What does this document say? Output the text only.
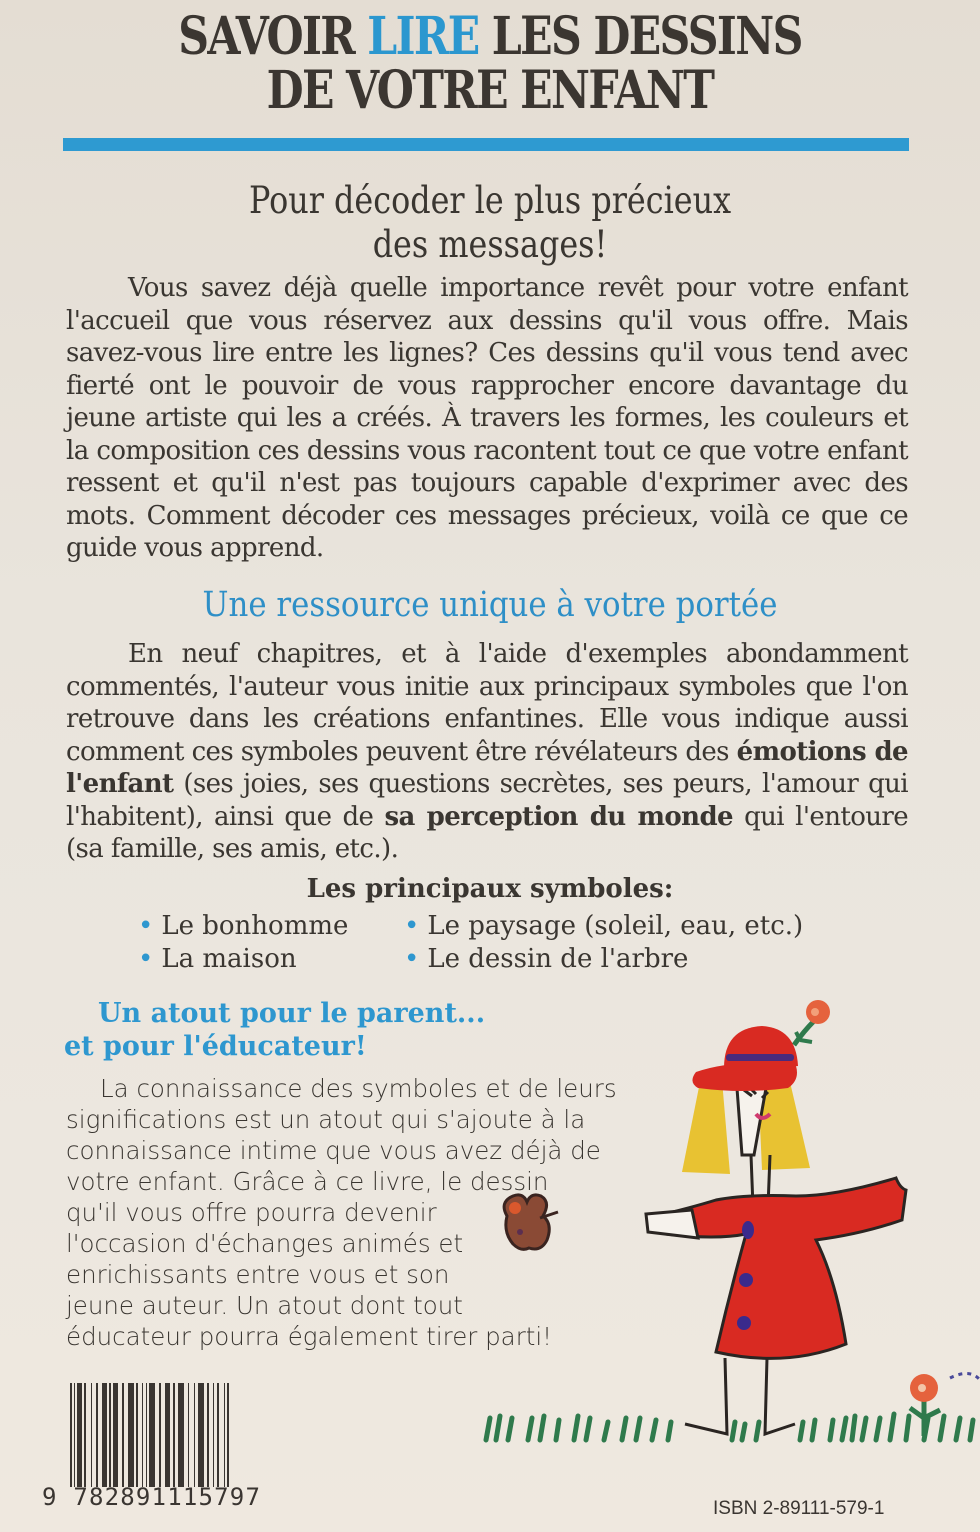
SAVOIR LIRE LES DESSINS
DE VOTRE ENFANT
Pour décoder le plus précieux
des messages!
Vous savez déjà quelle importance revêt pour votre enfant l'accueil que vous réservez aux dessins qu'il vous offre. Mais savez-vous lire entre les lignes? Ces dessins qu'il vous tend avec fierté ont le pouvoir de vous rapprocher encore davantage du jeune artiste qui les a créés. À travers les formes, les couleurs et la composition ces dessins vous racontent tout ce que votre enfant ressent et qu'il n'est pas toujours capable d'exprimer avec des mots. Comment décoder ces messages précieux, voilà ce que ce guide vous apprend.
Une ressource unique à votre portée
En neuf chapitres, et à l'aide d'exemples abondamment commentés, l'auteur vous initie aux principaux symboles que l'on retrouve dans les créations enfantines. Elle vous indique aussi comment ces symboles peuvent être révélateurs des émotions de l'enfant (ses joies, ses questions secrètes, ses peurs, l'amour qui l'habitent), ainsi que de sa perception du monde qui l'entoure (sa famille, ses amis, etc.).
Les principaux symboles:
• Le bonhomme • Le paysage (soleil, eau, etc.)
• La maison	• Le dessin de l'arbre
Un atout pour le parent...
et pour l'éducateur!
La connaissance des symboles et de leurs
significations est un atout qui s'ajoute à la
connaissance intime que vous avez déjà de
votre enfant. Grâce à ce livre, le dessin
qu'il vous offre pourra devenir
l'occasion d'échanges animés et
enrichissants entre vous et son
jeune auteur. Un atout dont tout
éducateur pourra également tirer parti!
9 782891115797	ISBN 2-89111-579-1
